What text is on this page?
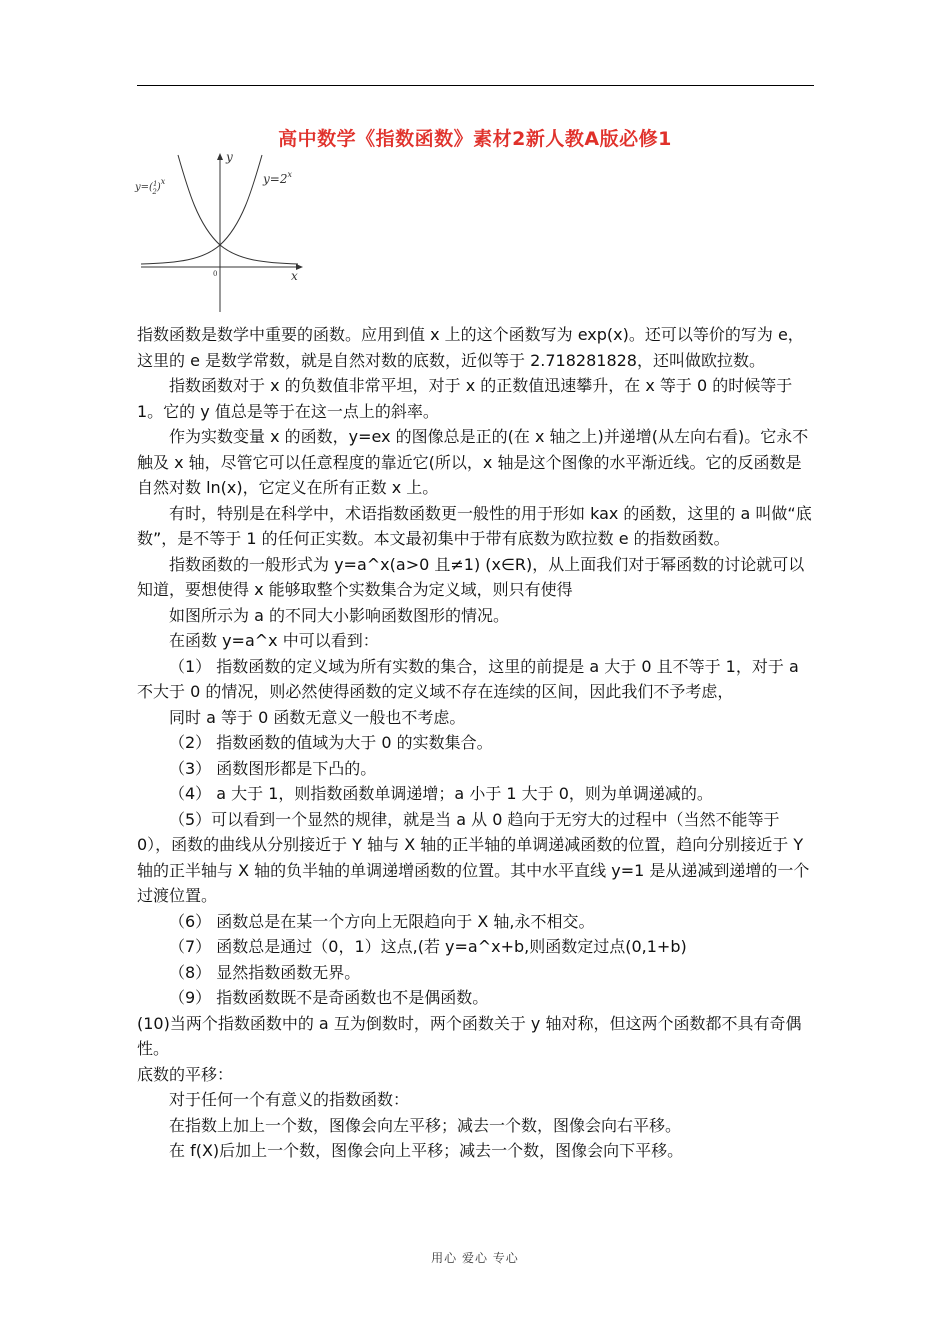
高中数学《指数函数》素材2新人教A版必修1
y=($^1$ 2)$^x$	$y=2^x$
y
x
0

指数函数是数学中重要的函数。应用到值 x 上的这个函数写为 exp(x)。还可以等价的写为 e，这里的 e 是数学常数，就是自然对数的底数，近似等于 2.718281828，还叫做欧拉数。

指数函数对于 x 的负数值非常平坦，对于 x 的正数值迅速攀升，在 x 等于 0 的时候等于 1。它的 y 值总是等于在这一点上的斜率。

作为实数变量 x 的函数，y=ex 的图像总是正的(在 x 轴之上)并递增(从左向右看)。它永不触及 x 轴，尽管它可以任意程度的靠近它(所以，x 轴是这个图像的水平渐近线。它的反函数是自然对数 ln(x)，它定义在所有正数 x 上。

有时，特别是在科学中，术语指数函数更一般性的用于形如 kax 的函数，这里的 a 叫做“底数”，是不等于 1 的任何正实数。本文最初集中于带有底数为欧拉数 e 的指数函数。

指数函数的一般形式为 y=a^x(a>0 且≠1) (x∈R)，从上面我们对于幂函数的讨论就可以知道，要想使得 x 能够取整个实数集合为定义域，则只有使得

如图所示为 a 的不同大小影响函数图形的情况。

在函数 y=a^x 中可以看到：

（1） 指数函数的定义域为所有实数的集合，这里的前提是 a 大于 0 且不等于 1，对于 a 不大于 0 的情况，则必然使得函数的定义域不存在连续的区间，因此我们不予考虑，

同时 a 等于 0 函数无意义一般也不考虑。

（2） 指数函数的值域为大于 0 的实数集合。

（3） 函数图形都是下凸的。

（4） a 大于 1，则指数函数单调递增；a 小于 1 大于 0，则为单调递减的。

（5）可以看到一个显然的规律，就是当 a 从 0 趋向于无穷大的过程中（当然不能等于 0），函数的曲线从分别接近于 Y 轴与 X 轴的正半轴的单调递减函数的位置，趋向分别接近于 Y 轴的正半轴与 X 轴的负半轴的单调递增函数的位置。其中水平直线 y=1 是从递减到递增的一个过渡位置。

（6） 函数总是在某一个方向上无限趋向于 X 轴,永不相交。

（7） 函数总是通过（0，1）这点,(若 y=a^x+b,则函数定过点(0,1+b)

（8） 显然指数函数无界。

（9） 指数函数既不是奇函数也不是偶函数。

(10)当两个指数函数中的 a 互为倒数时，两个函数关于 y 轴对称，但这两个函数都不具有奇偶性。

底数的平移：

对于任何一个有意义的指数函数：

在指数上加上一个数，图像会向左平移；减去一个数，图像会向右平移。

在 f(X)后加上一个数，图像会向上平移；减去一个数，图像会向下平移。

用心 爱心 专心
